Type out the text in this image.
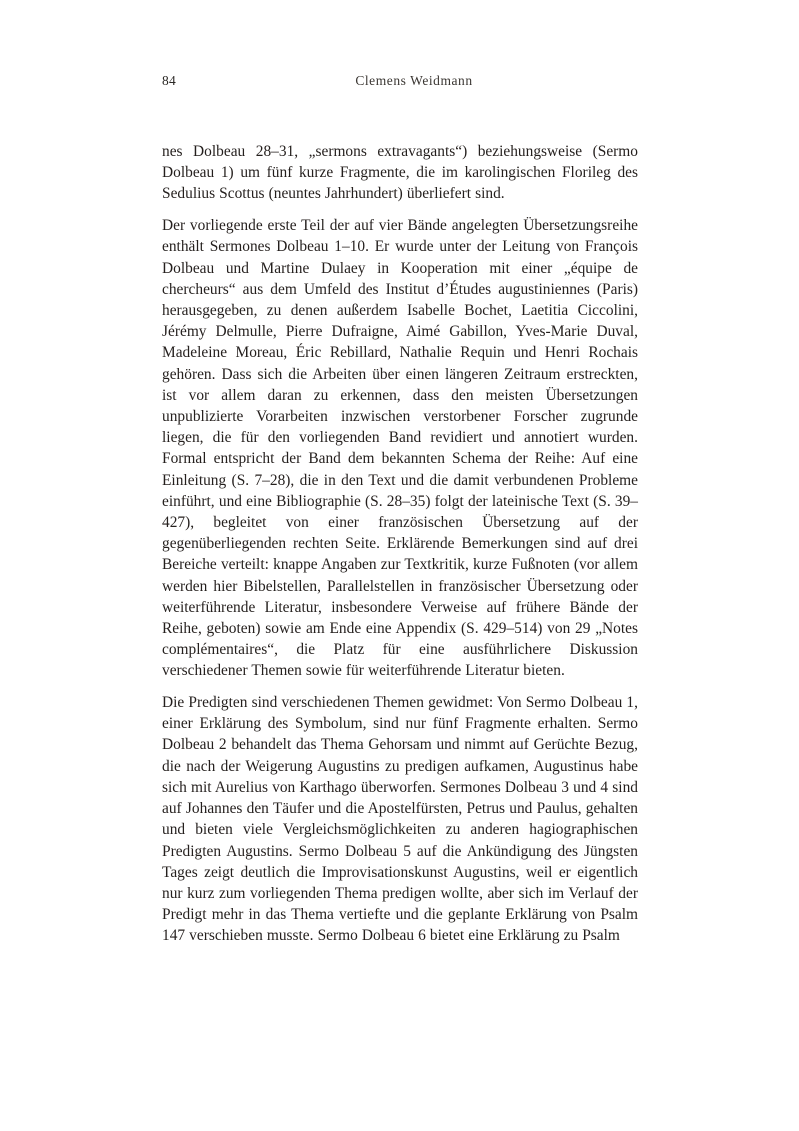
84	Clemens Weidmann

nes Dolbeau 28–31, „sermons extravagants“) beziehungsweise (Sermo Dolbeau 1) um fünf kurze Fragmente, die im karolingischen Florileg des Sedulius Scottus (neuntes Jahrhundert) überliefert sind.

Der vorliegende erste Teil der auf vier Bände angelegten Übersetzungsreihe enthält Sermones Dolbeau 1–10. Er wurde unter der Leitung von François Dolbeau und Martine Dulaey in Kooperation mit einer „équipe de chercheurs“ aus dem Umfeld des Institut d’Études augustiniennes (Paris) herausgegeben, zu denen außerdem Isabelle Bochet, Laetitia Ciccolini, Jérémy Delmulle, Pierre Dufraigne, Aimé Gabillon, Yves-Marie Duval, Madeleine Moreau, Éric Rebillard, Nathalie Requin und Henri Rochais gehören. Dass sich die Arbeiten über einen längeren Zeitraum erstreckten, ist vor allem daran zu erkennen, dass den meisten Übersetzungen unpublizierte Vorarbeiten inzwischen verstorbener Forscher zugrunde liegen, die für den vorliegenden Band revidiert und annotiert wurden. Formal entspricht der Band dem bekannten Schema der Reihe: Auf eine Einleitung (S. 7–28), die in den Text und die damit verbundenen Probleme einführt, und eine Bibliographie (S. 28–35) folgt der lateinische Text (S. 39–427), begleitet von einer französischen Übersetzung auf der gegenüberliegenden rechten Seite. Erklärende Bemerkungen sind auf drei Bereiche verteilt: knappe Angaben zur Textkritik, kurze Fußnoten (vor allem werden hier Bibelstellen, Parallelstellen in französischer Übersetzung oder weiterführende Literatur, insbesondere Verweise auf frühere Bände der Reihe, geboten) sowie am Ende eine Appendix (S. 429–514) von 29 „Notes complémentaires“, die Platz für eine ausführlichere Diskussion verschiedener Themen sowie für weiterführende Literatur bieten.

Die Predigten sind verschiedenen Themen gewidmet: Von Sermo Dolbeau 1, einer Erklärung des Symbolum, sind nur fünf Fragmente erhalten. Sermo Dolbeau 2 behandelt das Thema Gehorsam und nimmt auf Gerüchte Bezug, die nach der Weigerung Augustins zu predigen aufkamen, Augustinus habe sich mit Aurelius von Karthago überworfen. Sermones Dolbeau 3 und 4 sind auf Johannes den Täufer und die Apostelfürsten, Petrus und Paulus, gehalten und bieten viele Vergleichsmöglichkeiten zu anderen hagiographischen Predigten Augustins. Sermo Dolbeau 5 auf die Ankündigung des Jüngsten Tages zeigt deutlich die Improvisationskunst Augustins, weil er eigentlich nur kurz zum vorliegenden Thema predigen wollte, aber sich im Verlauf der Predigt mehr in das Thema vertiefte und die geplante Erklärung von Psalm 147 verschieben musste. Sermo Dolbeau 6 bietet eine Erklärung zu Psalm
